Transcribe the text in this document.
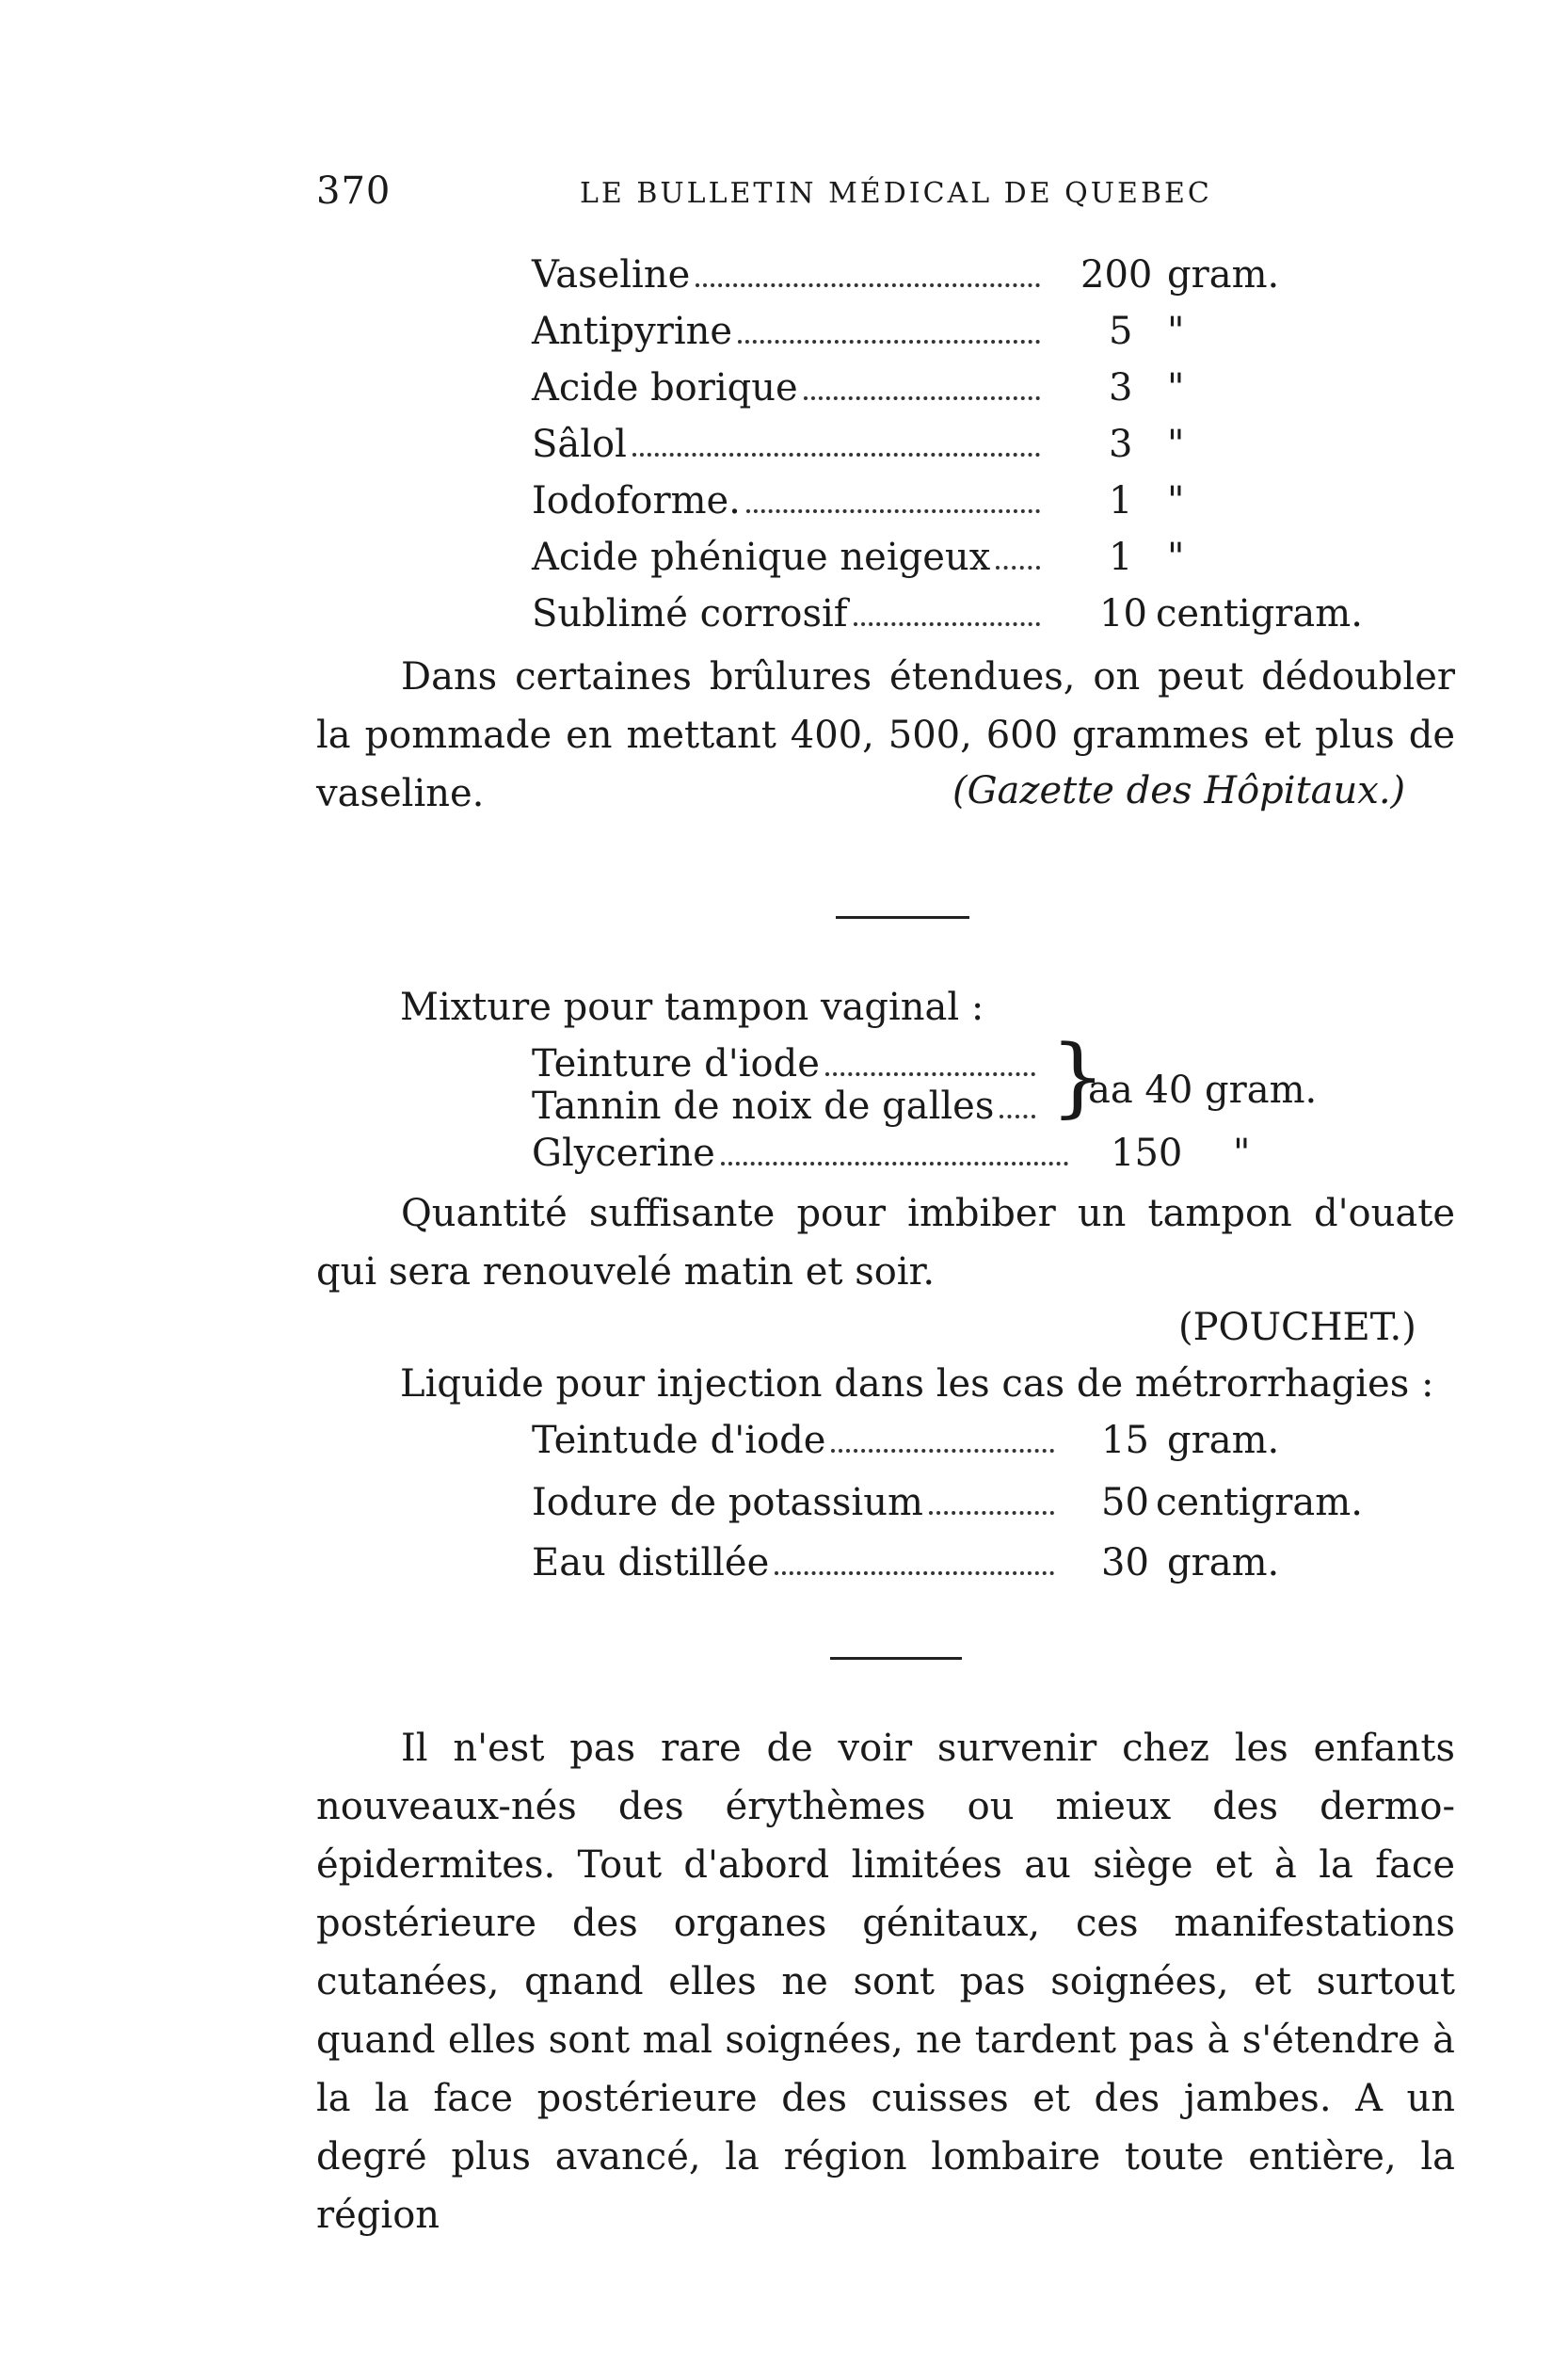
370	LE BULLETIN MÉDICAL DE QUEBEC
Vaseline	200 gram.
Antipyrine	5 "
Acide borique	3 "
Sâlol	3 "
Iodoforme.	1 "
Acide phénique neigeux	1 "
Sublimé corrosif	10 centigram.

Dans certaines brûlures étendues, on peut dédoubler la pommade en mettant 400, 500, 600 grammes et plus de vaseline.	(Gazette des Hôpitaux.)
Mixture pour tampon vaginal :
Teinture d'iode
Tannin de noix de galles }
aa 40 gram.
Glycerine	150 "

Quantité suffisante pour imbiber un tampon d'ouate qui sera renouvelé matin et soir.

(POUCHET.)
Liquide pour injection dans les cas de métrorrhagies :
Teintude d'iode	15 gram.
Iodure de potassium	50 centigram.
Eau distillée	30 gram.

Il n'est pas rare de voir survenir chez les enfants nouveaux-nés des érythèmes ou mieux des dermo-épidermites. Tout d'abord limitées au siège et à la face postérieure des organes génitaux, ces manifestations cutanées, qnand elles ne sont pas soignées, et surtout quand elles sont mal soignées, ne tardent pas à s'étendre à la la face postérieure des cuisses et des jambes. A un degré plus avancé, la région lombaire toute entière, la région
